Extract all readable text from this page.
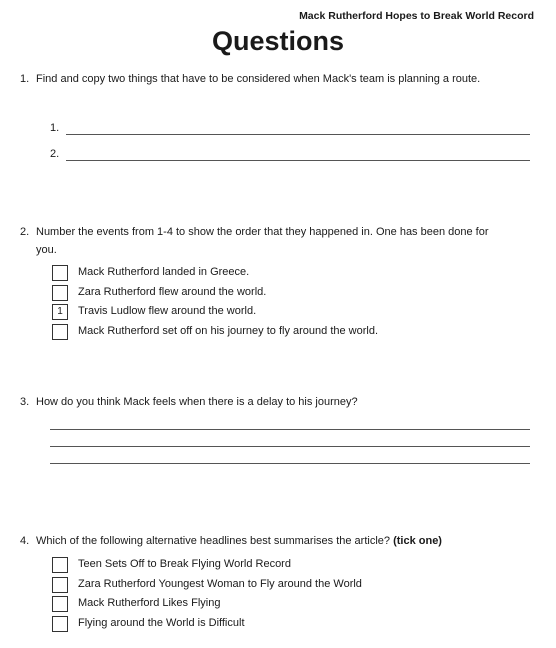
Mack Rutherford Hopes to Break World Record
Questions
1. Find and copy two things that have to be considered when Mack's team is planning a route.
1.
2.
2. Number the events from 1-4 to show the order that they happened in. One has been done for you.
Mack Rutherford landed in Greece.
Zara Rutherford flew around the world.
1	Travis Ludlow flew around the world.
Mack Rutherford set off on his journey to fly around the world.
3. How do you think Mack feels when there is a delay to his journey?
4. Which of the following alternative headlines best summarises the article? (tick one)
Teen Sets Off to Break Flying World Record
Zara Rutherford Youngest Woman to Fly around the World
Mack Rutherford Likes Flying
Flying around the World is Difficult
